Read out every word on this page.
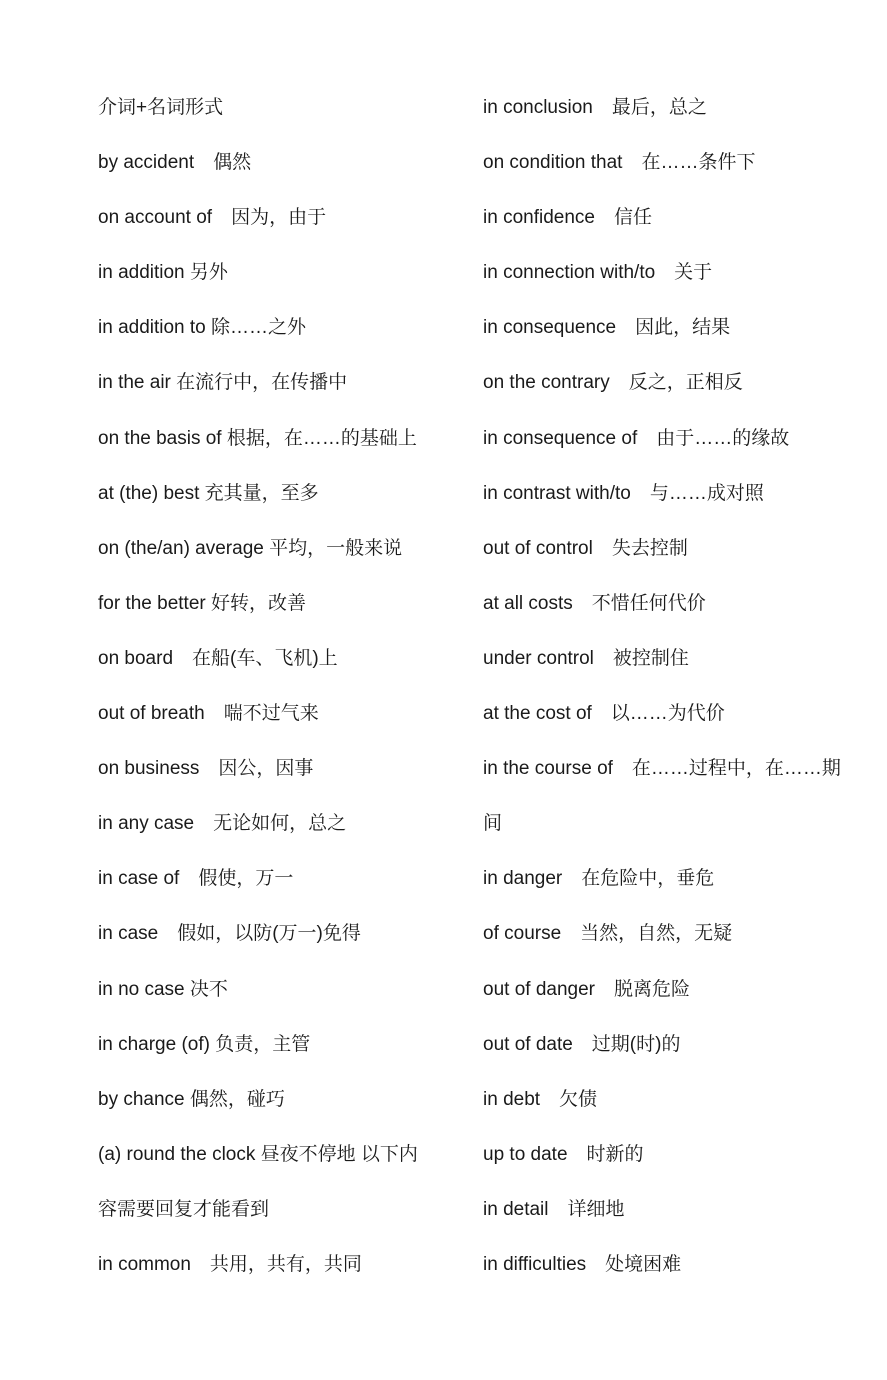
介词+名词形式
by accident　偶然
on account of　因为，由于
in addition 另外
in addition to 除……之外
in the air 在流行中，在传播中
on the basis of 根据，在……的基础上
at (the) best 充其量，至多
on (the/an) average 平均，一般来说
for the better 好转，改善
on board　在船(车、飞机)上
out of breath　喘不过气来
on business　因公，因事
in any case　无论如何，总之
in case of　假使，万一
in case　假如，以防(万一)免得
in no case 决不
in charge (of) 负责，主管
by chance 偶然，碰巧
(a) round the clock 昼夜不停地 以下内
容需要回复才能看到
in common　共用，共有，共同
in conclusion　最后，总之
on condition that　在……条件下
in confidence　信任
in connection with/to　关于
in consequence　因此，结果
on the contrary　反之，正相反
in consequence of　由于……的缘故
in contrast with/to　与……成对照
out of control　失去控制
at all costs　不惜任何代价
under control　被控制住
at the cost of　以……为代价
in the course of　在……过程中，在……期
间
in danger　在危险中，垂危
of course　当然，自然，无疑
out of danger　脱离危险
out of date　过期(时)的
in debt　欠债
up to date　时新的
in detail　详细地
in difficulties　处境困难
